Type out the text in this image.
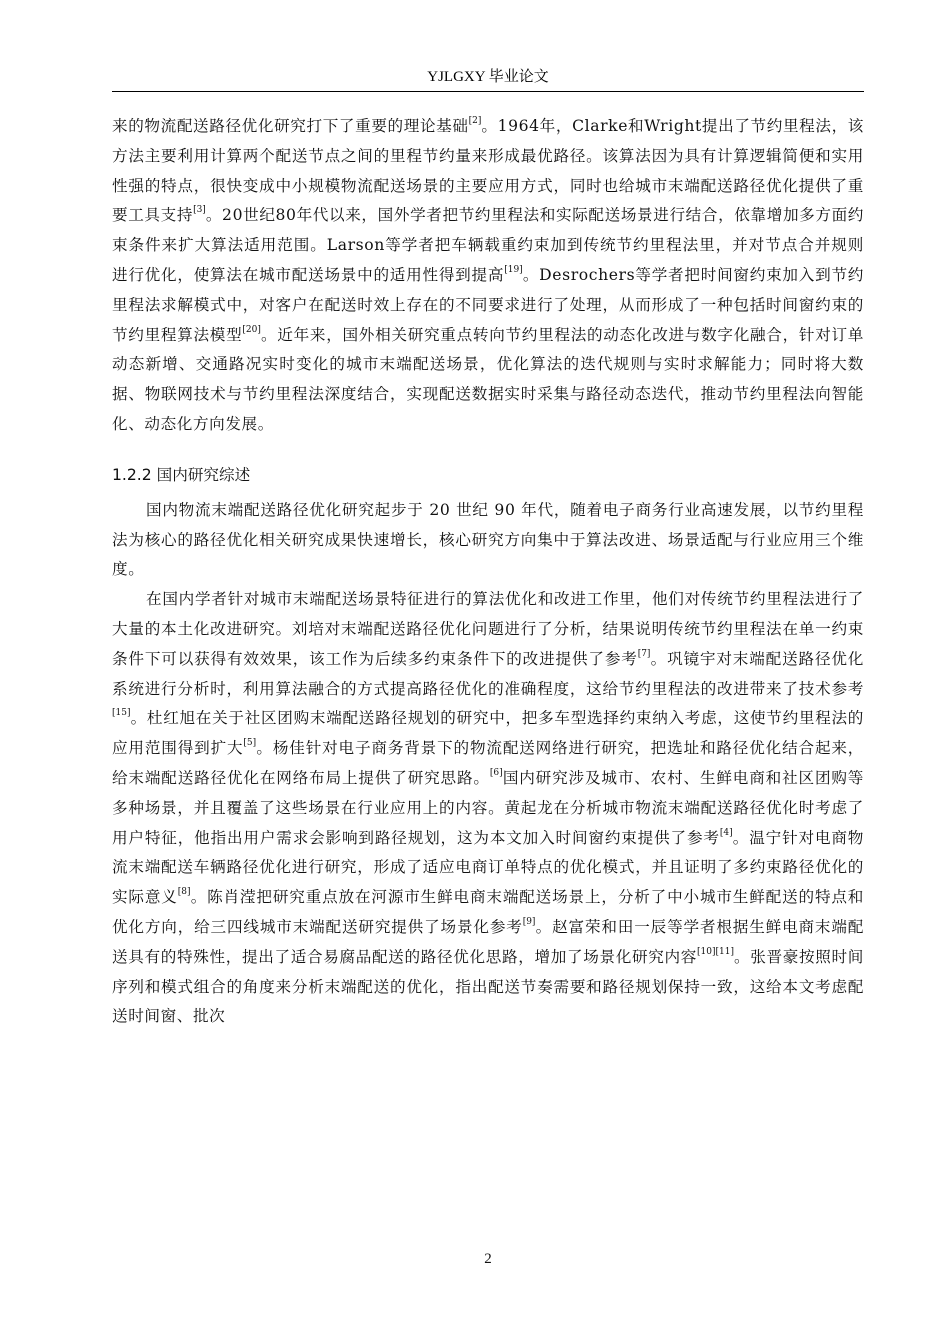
YJLGXY 毕业论文

来的物流配送路径优化研究打下了重要的理论基础[2]。1964年，Clarke和Wright提出了节约里程法，该方法主要利用计算两个配送节点之间的里程节约量来形成最优路径。该算法因为具有计算逻辑简便和实用性强的特点，很快变成中小规模物流配送场景的主要应用方式，同时也给城市末端配送路径优化提供了重要工具支持[3]。20世纪80年代以来，国外学者把节约里程法和实际配送场景进行结合，依靠增加多方面约束条件来扩大算法适用范围。Larson等学者把车辆载重约束加到传统节约里程法里，并对节点合并规则进行优化，使算法在城市配送场景中的适用性得到提高[19]。Desrochers等学者把时间窗约束加入到节约里程法求解模式中，对客户在配送时效上存在的不同要求进行了处理，从而形成了一种包括时间窗约束的节约里程算法模型[20]。近年来，国外相关研究重点转向节约里程法的动态化改进与数字化融合，针对订单动态新增、交通路况实时变化的城市末端配送场景，优化算法的迭代规则与实时求解能力；同时将大数据、物联网技术与节约里程法深度结合，实现配送数据实时采集与路径动态迭代，推动节约里程法向智能化、动态化方向发展。

1.2.2 国内研究综述

国内物流末端配送路径优化研究起步于 20 世纪 90 年代，随着电子商务行业高速发展，以节约里程法为核心的路径优化相关研究成果快速增长，核心研究方向集中于算法改进、场景适配与行业应用三个维度。

在国内学者针对城市末端配送场景特征进行的算法优化和改进工作里，他们对传统节约里程法进行了大量的本土化改进研究。刘培对末端配送路径优化问题进行了分析，结果说明传统节约里程法在单一约束条件下可以获得有效效果，该工作为后续多约束条件下的改进提供了参考[7]。巩镜宇对末端配送路径优化系统进行分析时，利用算法融合的方式提高路径优化的准确程度，这给节约里程法的改进带来了技术参考[15]。杜红旭在关于社区团购末端配送路径规划的研究中，把多车型选择约束纳入考虑，这使节约里程法的应用范围得到扩大[5]。杨佳针对电子商务背景下的物流配送网络进行研究，把选址和路径优化结合起来，给末端配送路径优化在网络布局上提供了研究思路。[6]国内研究涉及城市、农村、生鲜电商和社区团购等多种场景，并且覆盖了这些场景在行业应用上的内容。黄起龙在分析城市物流末端配送路径优化时考虑了用户特征，他指出用户需求会影响到路径规划，这为本文加入时间窗约束提供了参考[4]。温宁针对电商物流末端配送车辆路径优化进行研究，形成了适应电商订单特点的优化模式，并且证明了多约束路径优化的实际意义[8]。陈肖滢把研究重点放在河源市生鲜电商末端配送场景上，分析了中小城市生鲜配送的特点和优化方向，给三四线城市末端配送研究提供了场景化参考[9]。赵富荣和田一辰等学者根据生鲜电商末端配送具有的特殊性，提出了适合易腐品配送的路径优化思路，增加了场景化研究内容[10][11]。张晋豪按照时间序列和模式组合的角度来分析末端配送的优化，指出配送节奏需要和路径规划保持一致，这给本文考虑配送时间窗、批次

2
